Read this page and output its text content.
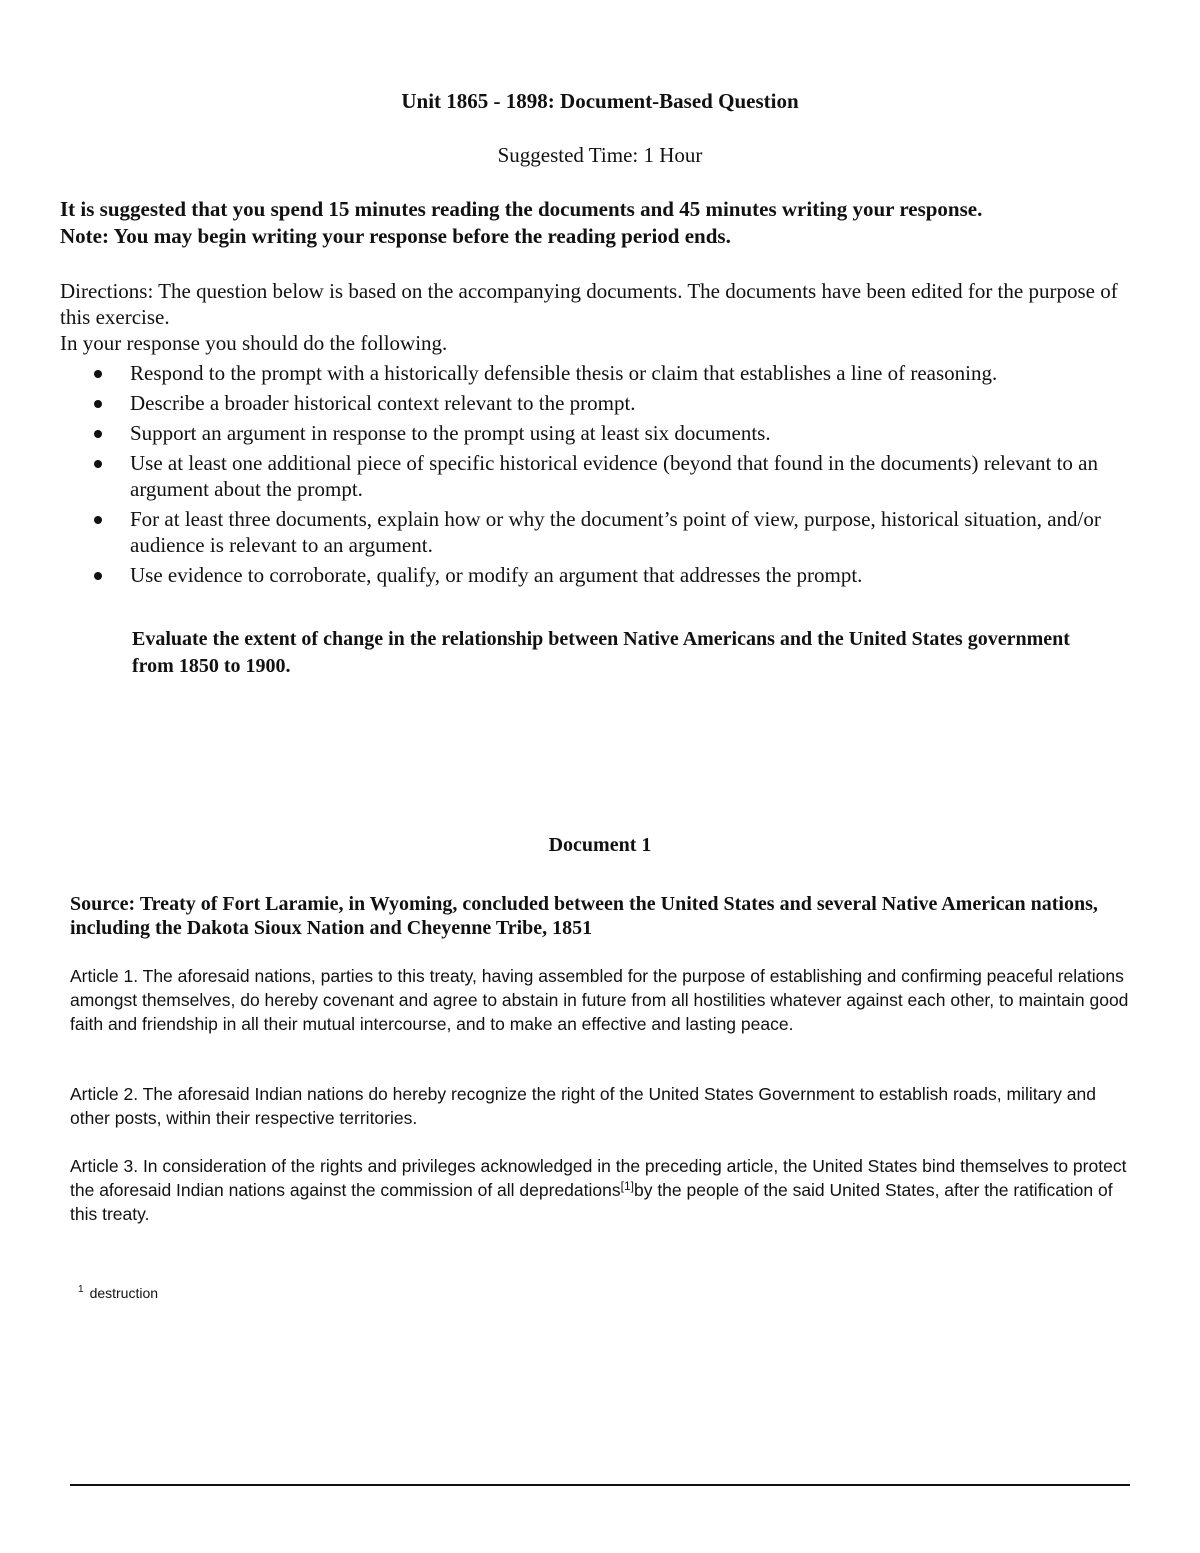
Unit 1865 - 1898: Document-Based Question
Suggested Time: 1 Hour
It is suggested that you spend 15 minutes reading the documents and 45 minutes writing your response.
Note: You may begin writing your response before the reading period ends.
Directions: The question below is based on the accompanying documents. The documents have been edited for the purpose of this exercise.
In your response you should do the following.
Respond to the prompt with a historically defensible thesis or claim that establishes a line of reasoning.
Describe a broader historical context relevant to the prompt.
Support an argument in response to the prompt using at least six documents.
Use at least one additional piece of specific historical evidence (beyond that found in the documents) relevant to an argument about the prompt.
For at least three documents, explain how or why the document’s point of view, purpose, historical situation, and/or audience is relevant to an argument.
Use evidence to corroborate, qualify, or modify an argument that addresses the prompt.
Evaluate the extent of change in the relationship between Native Americans and the United States government from 1850 to 1900.
Document 1
Source: Treaty of Fort Laramie, in Wyoming, concluded between the United States and several Native American nations, including the Dakota Sioux Nation and Cheyenne Tribe, 1851
Article 1. The aforesaid nations, parties to this treaty, having assembled for the purpose of establishing and confirming peaceful relations amongst themselves, do hereby covenant and agree to abstain in future from all hostilities whatever against each other, to maintain good faith and friendship in all their mutual intercourse, and to make an effective and lasting peace.
Article 2. The aforesaid Indian nations do hereby recognize the right of the United States Government to establish roads, military and other posts, within their respective territories.
Article 3. In consideration of the rights and privileges acknowledged in the preceding article, the United States bind themselves to protect the aforesaid Indian nations against the commission of all depredations[1]by the people of the said United States, after the ratification of this treaty.
$^1$ destruction
